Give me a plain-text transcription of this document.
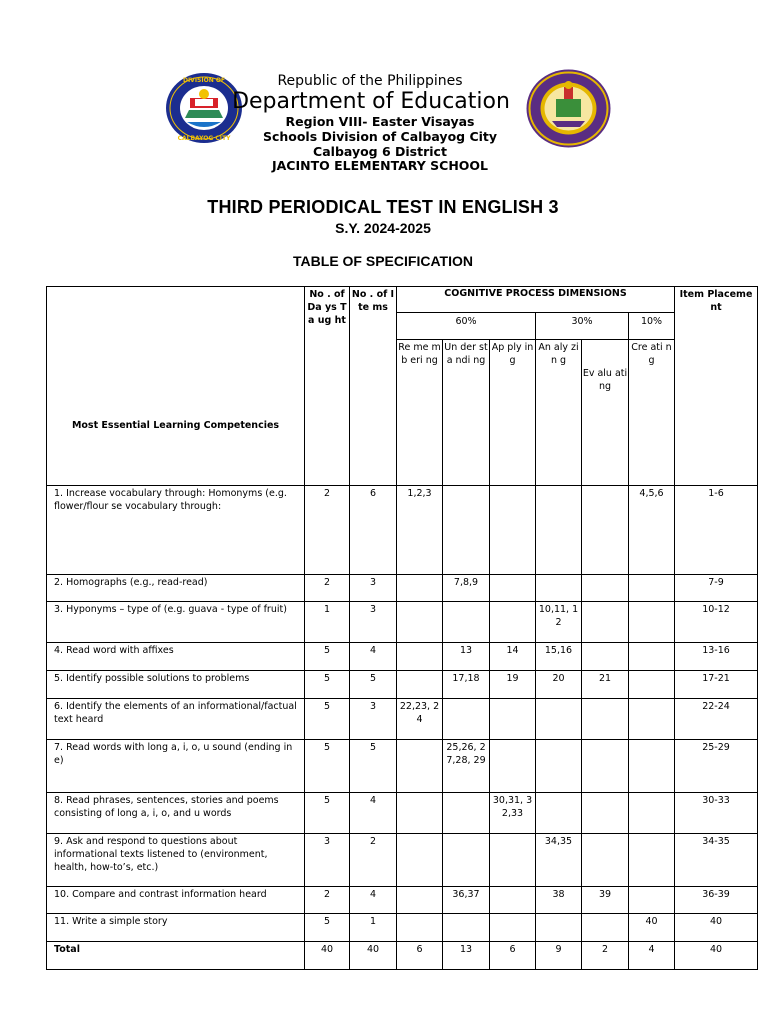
DIVISION OF
CALBAYOG CITY
Republic of the Philippines
Department of Education
Region VIII- Easter Visayas
Schools Division of Calbayog City
Calbayog 6 District
JACINTO ELEMENTARY SCHOOL
THIRD PERIODICAL TEST IN ENGLISH 3
S.Y. 2024-2025
TABLE OF SPECIFICATION
Most Essential Learning Competencies	No . of Da ys Ta ug ht	No . of Ite ms	COGNITIVE PROCESS DIMENSIONS						Item Placeme nt
			60%			30%		10%	
			Re me mb eri ng	Un der sta ndi ng	Ap ply ing	An aly zin g	Ev alu ati ng	Cre ati ng	
1. Increase vocabulary through: Homonyms (e.g. flower/flour se vocabulary through:	2	6	1,2,3					4,5,6	1-6
2. Homographs (e.g., read-read)	2	3		7,8,9					7-9
3. Hyponyms – type of (e.g. guava - type of fruit)	1	3				10,11, 12			10-12
4. Read word with affixes	5	4		13	14	15,16			13-16
5. Identify possible solutions to problems	5	5		17,18	19	20	21		17-21
6. Identify the elements of an informational/factual text heard	5	3	22,23, 24						22-24
7. Read words with long a, i, o, u sound (ending in e)	5	5		25,26, 27,28, 29					25-29
8. Read phrases, sentences, stories and poems consisting of long a, i, o, and u words	5	4			30,31, 32,33				30-33
9. Ask and respond to questions about informational texts listened to (environment, health, how-to’s, etc.)	3	2				34,35			34-35
10. Compare and contrast information heard	2	4		36,37		38	39		36-39
11. Write a simple story	5	1						40	40
Total	40	40	6	13	6	9	2	4	40
